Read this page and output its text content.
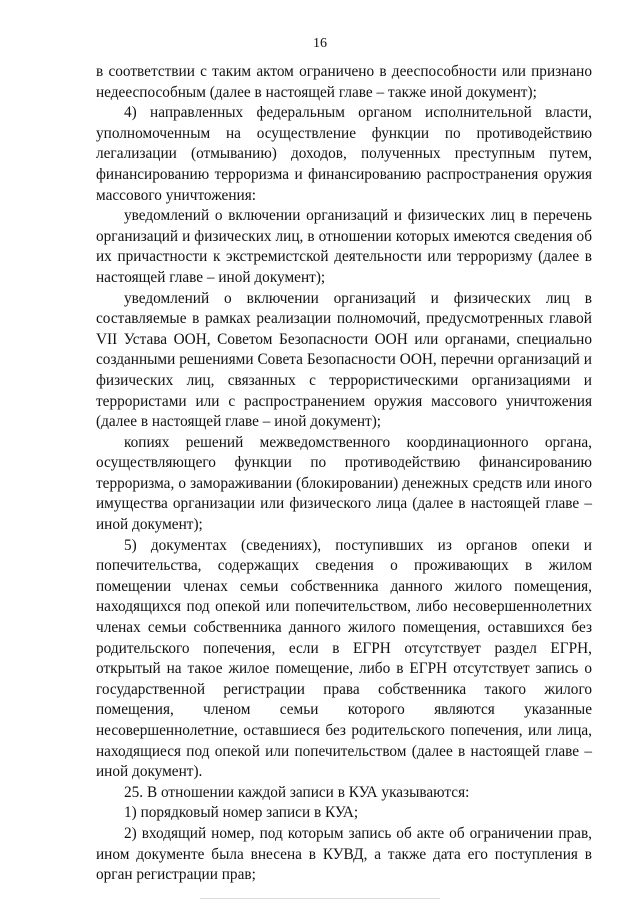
16

в соответствии с таким актом ограничено в дееспособности или признано недееспособным (далее в настоящей главе – также иной документ);

4) направленных федеральным органом исполнительной власти, уполномоченным на осуществление функции по противодействию легализации (отмыванию) доходов, полученных преступным путем, финансированию терроризма и финансированию распространения оружия массового уничтожения:

уведомлений о включении организаций и физических лиц в перечень организаций и физических лиц, в отношении которых имеются сведения об их причастности к экстремистской деятельности или терроризму (далее в настоящей главе – иной документ);

уведомлений о включении организаций и физических лиц в составляемые в рамках реализации полномочий, предусмотренных главой VII Устава ООН, Советом Безопасности ООН или органами, специально созданными решениями Совета Безопасности ООН, перечни организаций и физических лиц, связанных с террористическими организациями и террористами или с распространением оружия массового уничтожения (далее в настоящей главе – иной документ);

копиях решений межведомственного координационного органа, осуществляющего функции по противодействию финансированию терроризма, о замораживании (блокировании) денежных средств или иного имущества организации или физического лица (далее в настоящей главе – иной документ);

5) документах (сведениях), поступивших из органов опеки и попечительства, содержащих сведения о проживающих в жилом помещении членах семьи собственника данного жилого помещения, находящихся под опекой или попечительством, либо несовершеннолетних членах семьи собственника данного жилого помещения, оставшихся без родительского попечения, если в ЕГРН отсутствует раздел ЕГРН, открытый на такое жилое помещение, либо в ЕГРН отсутствует запись о государственной регистрации права собственника такого жилого помещения, членом семьи которого являются указанные несовершеннолетние, оставшиеся без родительского попечения, или лица, находящиеся под опекой или попечительством (далее в настоящей главе – иной документ).

25. В отношении каждой записи в КУА указываются:

1) порядковый номер записи в КУА;

2) входящий номер, под которым запись об акте об ограничении прав, ином документе была внесена в КУВД, а также дата его поступления в орган регистрации прав;
